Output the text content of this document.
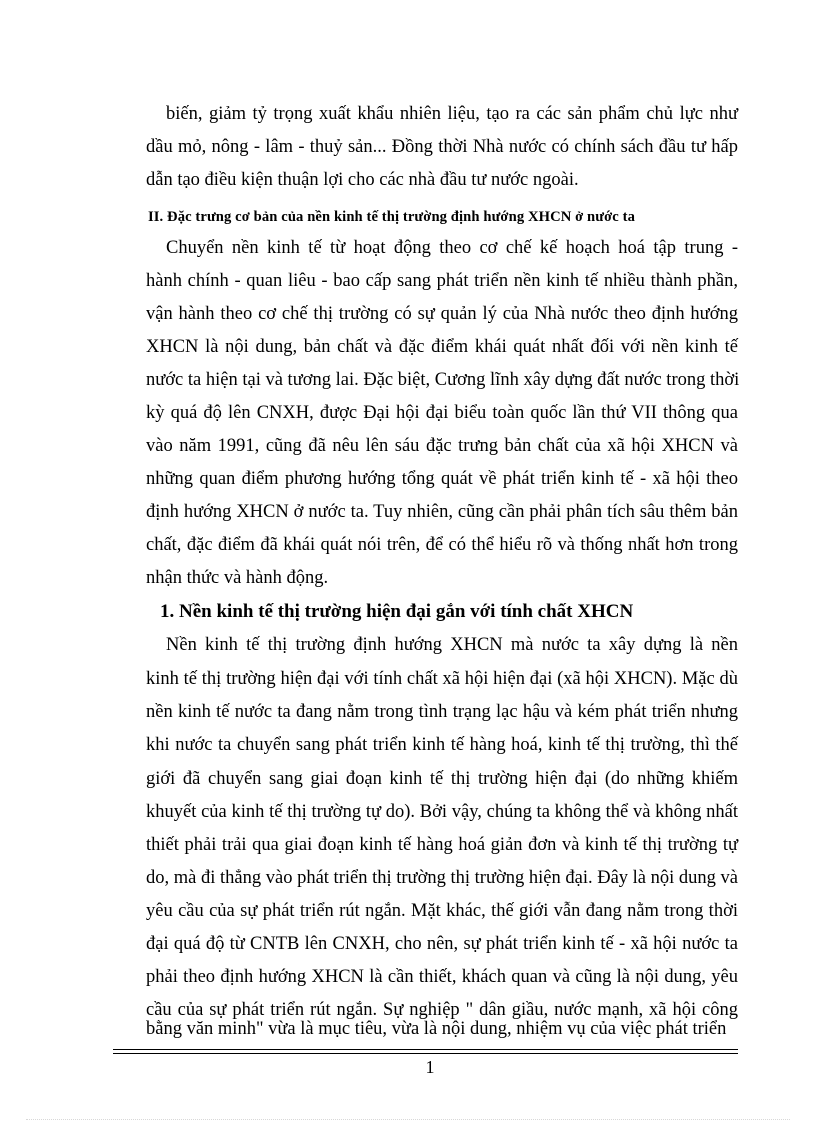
biến, giảm tỷ trọng xuất khẩu nhiên liệu, tạo ra các sản phẩm chủ lực như
dầu mỏ, nông - lâm - thuỷ sản... Đồng thời Nhà nước có chính sách đầu tư hấp
dẫn tạo điều kiện thuận lợi cho các nhà đầu tư nước ngoài.
II. Đặc trưng cơ bản của nền kinh tế thị trường định hướng XHCN ở nước ta
Chuyển nền kinh tế từ hoạt động theo cơ chế kế hoạch hoá tập trung -
hành chính - quan liêu - bao cấp sang phát triển nền kinh tế nhiều thành phần,
vận hành theo cơ chế thị trường có sự quản lý của Nhà nước theo định hướng
XHCN là nội dung, bản chất và đặc điểm khái quát nhất đối với nền kinh tế
nước ta hiện tại và tương lai. Đặc biệt, Cương lĩnh xây dựng đất nước trong thời
kỳ quá độ lên CNXH, được Đại hội đại biểu toàn quốc lần thứ VII thông qua
vào năm 1991, cũng đã nêu lên sáu đặc trưng bản chất của xã hội XHCN và
những quan điểm phương hướng tổng quát về phát triển kinh tế - xã hội theo
định hướng XHCN ở nước ta. Tuy nhiên, cũng cần phải phân tích sâu thêm bản
chất, đặc điểm đã khái quát nói trên, để có thể hiểu rõ và thống nhất hơn trong
nhận thức và hành động.
1. Nền kinh tế thị trường hiện đại gắn với tính chất XHCN
Nền kinh tế thị trường định hướng XHCN mà nước ta xây dựng là nền
kinh tế thị trường hiện đại với tính chất xã hội hiện đại (xã hội XHCN). Mặc dù
nền kinh tế nước ta đang nằm trong tình trạng lạc hậu và kém phát triển nhưng
khi nước ta chuyển sang phát triển kinh tế hàng hoá, kinh tế thị trường, thì thế
giới đã chuyển sang giai đoạn kinh tế thị trường hiện đại (do những khiếm
khuyết của kinh tế thị trường tự do). Bởi vậy, chúng ta không thể và không nhất
thiết phải trải qua giai đoạn kinh tế hàng hoá giản đơn và kinh tế thị trường tự
do, mà đi thẳng vào phát triển thị trường thị trường hiện đại. Đây là nội dung và
yêu cầu của sự phát triển rút ngắn. Mặt khác, thế giới vẫn đang nằm trong thời
đại quá độ từ CNTB lên CNXH, cho nên, sự phát triển kinh tế - xã hội nước ta
phải theo định hướng XHCN là cần thiết, khách quan và cũng là nội dung, yêu
cầu của sự phát triển rút ngắn. Sự nghiệp " dân giầu, nước mạnh, xã hội công
bằng văn minh" vừa là mục tiêu, vừa là nội dung, nhiệm vụ của việc phát triển
1
